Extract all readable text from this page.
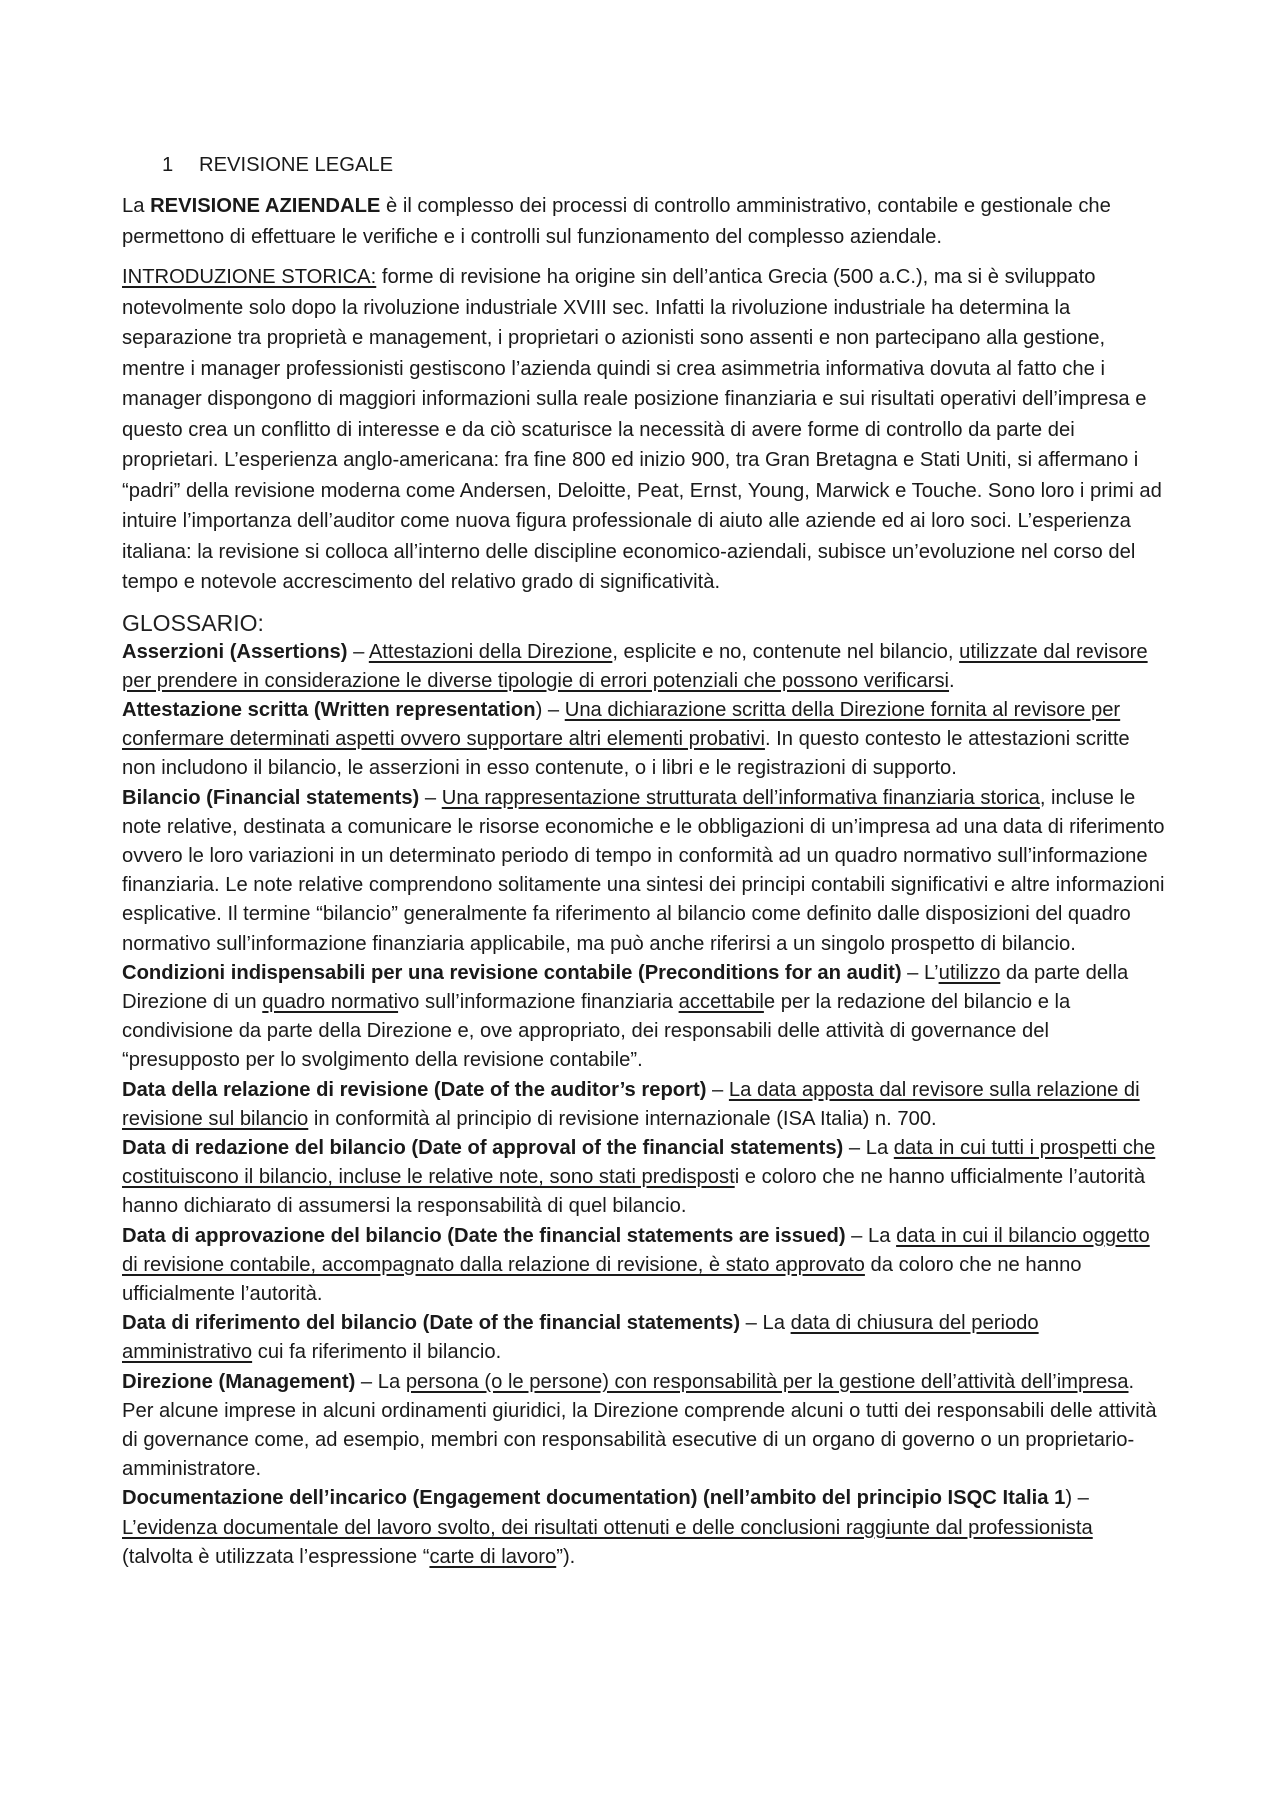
1 REVISIONE LEGALE

La REVISIONE AZIENDALE è il complesso dei processi di controllo amministrativo, contabile e gestionale che permettono di effettuare le verifiche e i controlli sul funzionamento del complesso aziendale.

INTRODUZIONE STORICA: forme di revisione ha origine sin dell’antica Grecia (500 a.C.), ma si è sviluppato notevolmente solo dopo la rivoluzione industriale XVIII sec. Infatti la rivoluzione industriale ha determina la separazione tra proprietà e management, i proprietari o azionisti sono assenti e non partecipano alla gestione, mentre i manager professionisti gestiscono l’azienda quindi si crea asimmetria informativa dovuta al fatto che i manager dispongono di maggiori informazioni sulla reale posizione finanziaria e sui risultati operativi dell’impresa e questo crea un conflitto di interesse e da ciò scaturisce la necessità di avere forme di controllo da parte dei proprietari. L’esperienza anglo-americana: fra fine 800 ed inizio 900, tra Gran Bretagna e Stati Uniti, si affermano i “padri” della revisione moderna come Andersen, Deloitte, Peat, Ernst, Young, Marwick e Touche. Sono loro i primi ad intuire l’importanza dell’auditor come nuova figura professionale di aiuto alle aziende ed ai loro soci. L’esperienza italiana: la revisione si colloca all’interno delle discipline economico-aziendali, subisce un’evoluzione nel corso del tempo e notevole accrescimento del relativo grado di significatività.

GLOSSARIO:
Asserzioni (Assertions) – Attestazioni della Direzione, esplicite e no, contenute nel bilancio, utilizzate dal revisore per prendere in considerazione le diverse tipologie di errori potenziali che possono verificarsi.
Attestazione scritta (Written representation) – Una dichiarazione scritta della Direzione fornita al revisore per confermare determinati aspetti ovvero supportare altri elementi probativi. In questo contesto le attestazioni scritte non includono il bilancio, le asserzioni in esso contenute, o i libri e le registrazioni di supporto.
Bilancio (Financial statements) – Una rappresentazione strutturata dell’informativa finanziaria storica, incluse le note relative, destinata a comunicare le risorse economiche e le obbligazioni di un’impresa ad una data di riferimento ovvero le loro variazioni in un determinato periodo di tempo in conformità ad un quadro normativo sull’informazione finanziaria. Le note relative comprendono solitamente una sintesi dei principi contabili significativi e altre informazioni esplicative. Il termine “bilancio” generalmente fa riferimento al bilancio come definito dalle disposizioni del quadro normativo sull’informazione finanziaria applicabile, ma può anche riferirsi a un singolo prospetto di bilancio.
Condizioni indispensabili per una revisione contabile (Preconditions for an audit) – L’utilizzo da parte della Direzione di un quadro normativo sull’informazione finanziaria accettabile per la redazione del bilancio e la condivisione da parte della Direzione e, ove appropriato, dei responsabili delle attività di governance del “presupposto per lo svolgimento della revisione contabile”.
Data della relazione di revisione (Date of the auditor’s report) – La data apposta dal revisore sulla relazione di revisione sul bilancio in conformità al principio di revisione internazionale (ISA Italia) n. 700.
Data di redazione del bilancio (Date of approval of the financial statements) – La data in cui tutti i prospetti che costituiscono il bilancio, incluse le relative note, sono stati predisposti e coloro che ne hanno ufficialmente l’autorità hanno dichiarato di assumersi la responsabilità di quel bilancio.
Data di approvazione del bilancio (Date the financial statements are issued) – La data in cui il bilancio oggetto di revisione contabile, accompagnato dalla relazione di revisione, è stato approvato da coloro che ne hanno ufficialmente l’autorità.
Data di riferimento del bilancio (Date of the financial statements) – La data di chiusura del periodo amministrativo cui fa riferimento il bilancio.
Direzione (Management) – La persona (o le persone) con responsabilità per la gestione dell’attività dell’impresa. Per alcune imprese in alcuni ordinamenti giuridici, la Direzione comprende alcuni o tutti dei responsabili delle attività di governance come, ad esempio, membri con responsabilità esecutive di un organo di governo o un proprietario- amministratore.
Documentazione dell’incarico (Engagement documentation) (nell’ambito del principio ISQC Italia 1) – L’evidenza documentale del lavoro svolto, dei risultati ottenuti e delle conclusioni raggiunte dal professionista (talvolta è utilizzata l’espressione “carte di lavoro”).
